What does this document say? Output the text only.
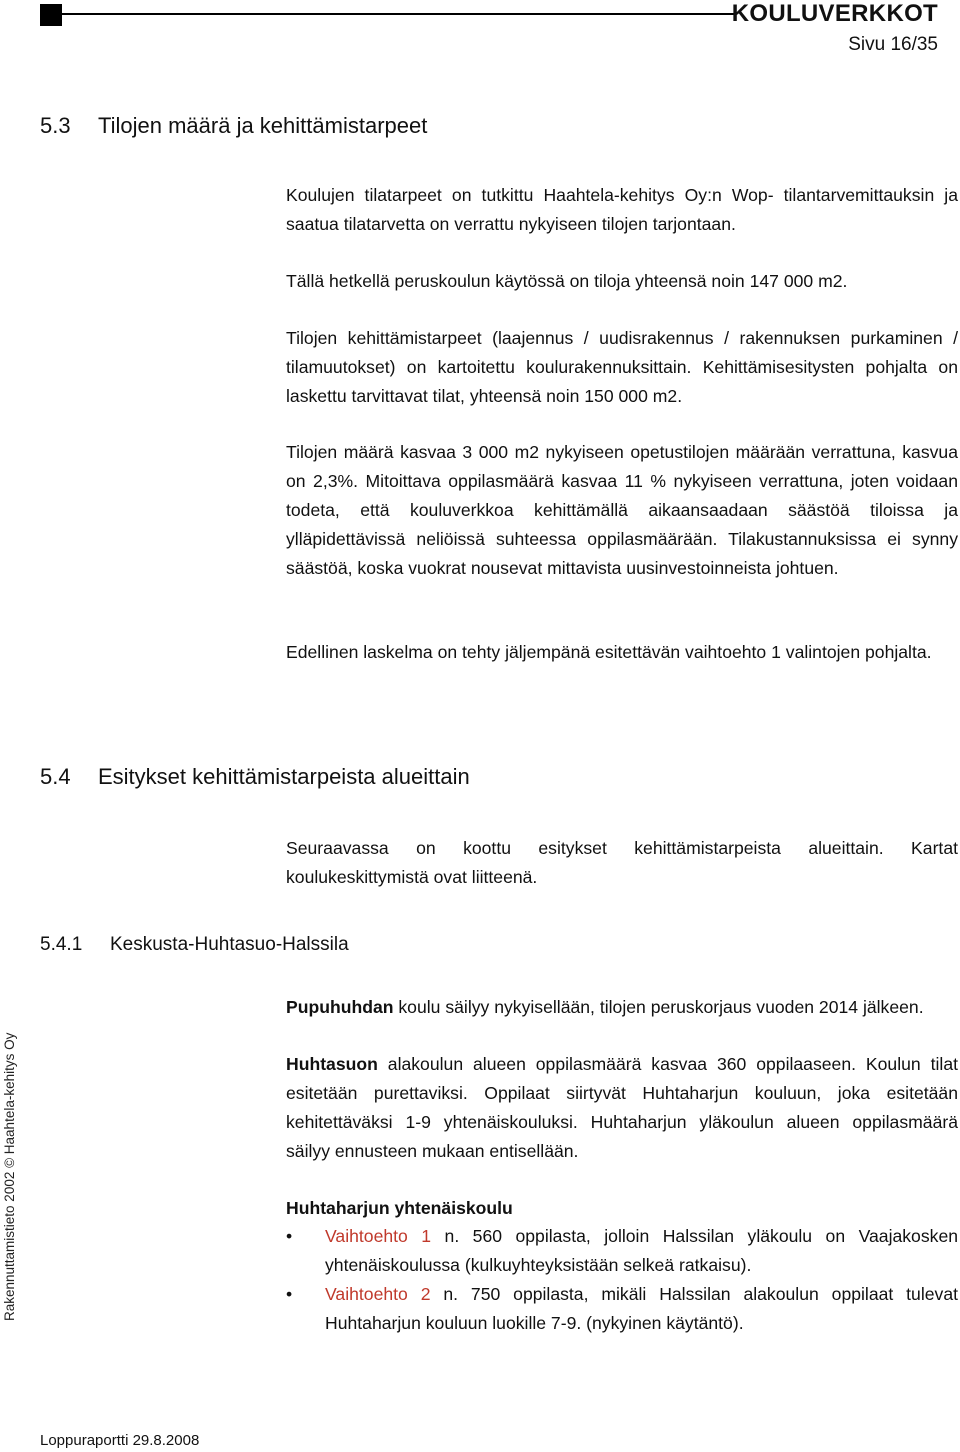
KOULUVERKKOT
Sivu 16/35
5.3 Tilojen määrä ja kehittämistarpeet

Koulujen tilatarpeet on tutkittu Haahtela-kehitys Oy:n Wop- tilantarvemittauksin ja saatua tilatarvetta on verrattu nykyiseen tilojen tarjontaan.

Tällä hetkellä peruskoulun käytössä on tiloja yhteensä noin 147 000 m2.

Tilojen kehittämistarpeet (laajennus / uudisrakennus / rakennuksen purkaminen / tilamuutokset) on kartoitettu koulurakennuksittain. Kehittämisesitysten pohjalta on laskettu tarvittavat tilat, yhteensä noin 150 000 m2.

Tilojen määrä kasvaa 3 000 m2 nykyiseen opetustilojen määrään verrattuna, kasvua on 2,3%. Mitoittava oppilasmäärä kasvaa 11 % nykyiseen verrattuna, joten voidaan todeta, että kouluverkkoa kehittämällä aikaansaadaan säästöä tiloissa ja ylläpidettävissä neliöissä suhteessa oppilasmäärään. Tilakustannuksissa ei synny säästöä, koska vuokrat nousevat mittavista uusinvestoinneista johtuen.

Edellinen laskelma on tehty jäljempänä esitettävän vaihtoehto 1 valintojen pohjalta.

5.4 Esitykset kehittämistarpeista alueittain

Seuraavassa on koottu esitykset kehittämistarpeista alueittain. Kartat koulukeskittymistä ovat liitteenä.

5.4.1 Keskusta-Huhtasuo-Halssila

Pupuhuhdan koulu säilyy nykyisellään, tilojen peruskorjaus vuoden 2014 jälkeen.

Huhtasuon alakoulun alueen oppilasmäärä kasvaa 360 oppilaaseen. Koulun tilat esitetään purettaviksi. Oppilaat siirtyvät Huhtaharjun kouluun, joka esitetään kehitettäväksi 1-9 yhtenäiskouluksi. Huhtaharjun yläkoulun alueen oppilasmäärä säilyy ennusteen mukaan entisellään.

Huhtaharjun yhtenäiskoulu
• Vaihtoehto 1 n. 560 oppilasta, jolloin Halssilan yläkoulu on Vaajakosken yhtenäiskoulussa (kulkuyhteyksistään selkeä ratkaisu).
• Vaihtoehto 2 n. 750 oppilasta, mikäli Halssilan alakoulun oppilaat tulevat Huhtaharjun kouluun luokille 7-9. (nykyinen käytäntö).
Rakennuttamistieto 2002 © Haahtela-kehitys Oy
Loppuraportti 29.8.2008
